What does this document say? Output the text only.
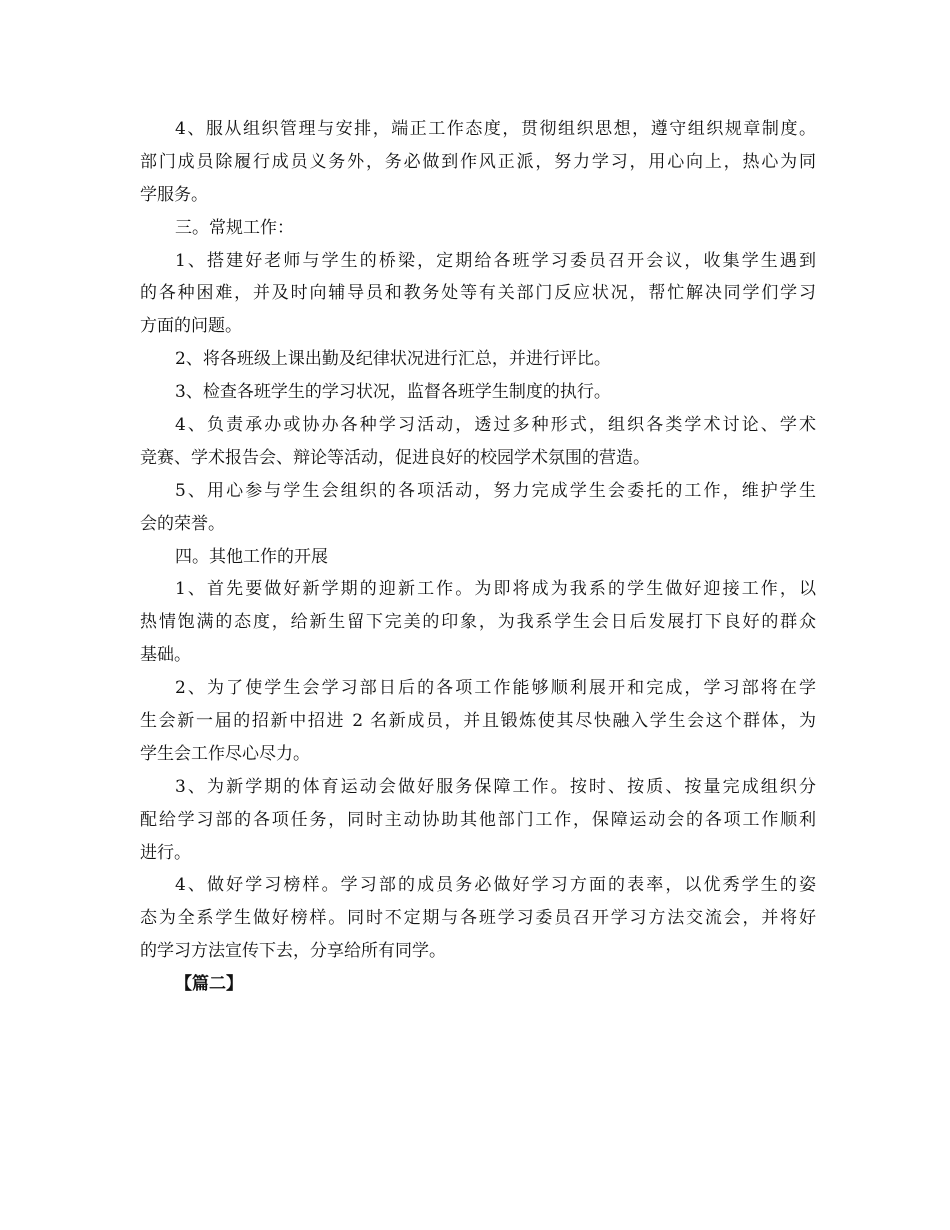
4、服从组织管理与安排，端正工作态度，贯彻组织思想，遵守组织规章制度。
部门成员除履行成员义务外，务必做到作风正派，努力学习，用心向上，热心为同
学服务。
三。常规工作：
1、搭建好老师与学生的桥梁，定期给各班学习委员召开会议，收集学生遇到
的各种困难，并及时向辅导员和教务处等有关部门反应状况，帮忙解决同学们学习
方面的问题。
2、将各班级上课出勤及纪律状况进行汇总，并进行评比。
3、检查各班学生的学习状况，监督各班学生制度的执行。
4、负责承办或协办各种学习活动，透过多种形式，组织各类学术讨论、学术
竞赛、学术报告会、辩论等活动，促进良好的校园学术氛围的营造。
5、用心参与学生会组织的各项活动，努力完成学生会委托的工作，维护学生
会的荣誉。
四。其他工作的开展
1、首先要做好新学期的迎新工作。为即将成为我系的学生做好迎接工作，以
热情饱满的态度，给新生留下完美的印象，为我系学生会日后发展打下良好的群众
基础。
2、为了使学生会学习部日后的各项工作能够顺利展开和完成，学习部将在学
生会新一届的招新中招进 2 名新成员，并且锻炼使其尽快融入学生会这个群体，为
学生会工作尽心尽力。
3、为新学期的体育运动会做好服务保障工作。按时、按质、按量完成组织分
配给学习部的各项任务，同时主动协助其他部门工作，保障运动会的各项工作顺利
进行。
4、做好学习榜样。学习部的成员务必做好学习方面的表率，以优秀学生的姿
态为全系学生做好榜样。同时不定期与各班学习委员召开学习方法交流会，并将好
的学习方法宣传下去，分享给所有同学。
【篇二】
